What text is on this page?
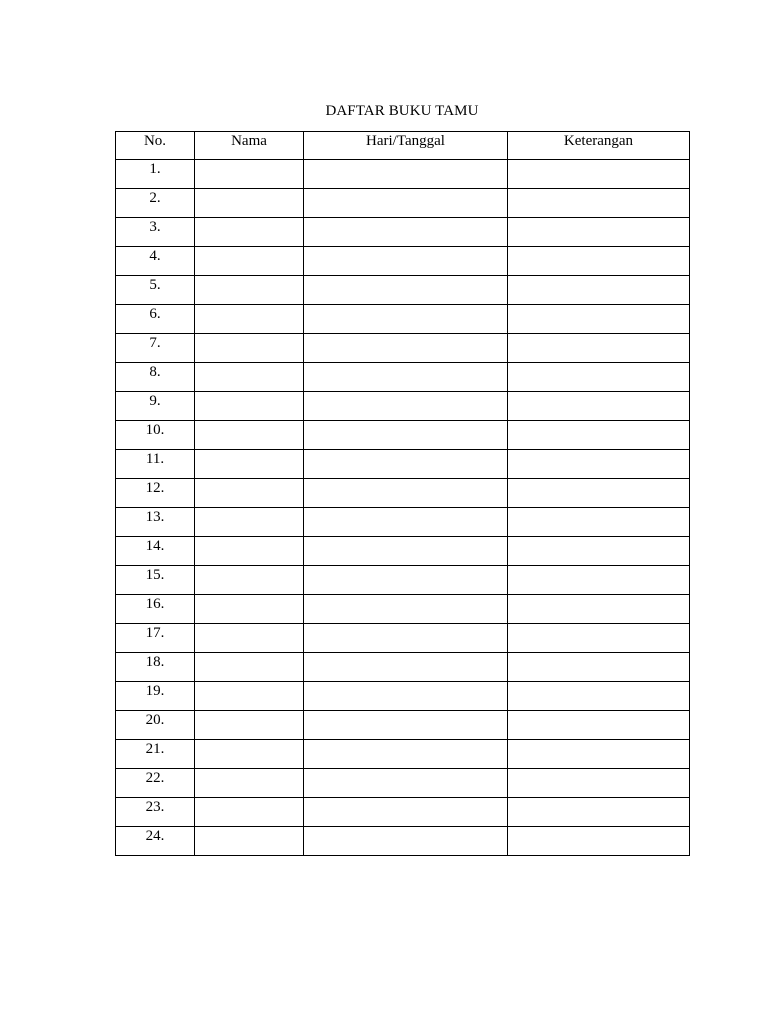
DAFTAR BUKU TAMU
No.	Nama	Hari/Tanggal	Keterangan
1.			
2.			
3.			
4.			
5.			
6.			
7.			
8.			
9.			
10.			
11.			
12.			
13.			
14.			
15.			
16.			
17.			
18.			
19.			
20.			
21.			
22.			
23.			
24.			
